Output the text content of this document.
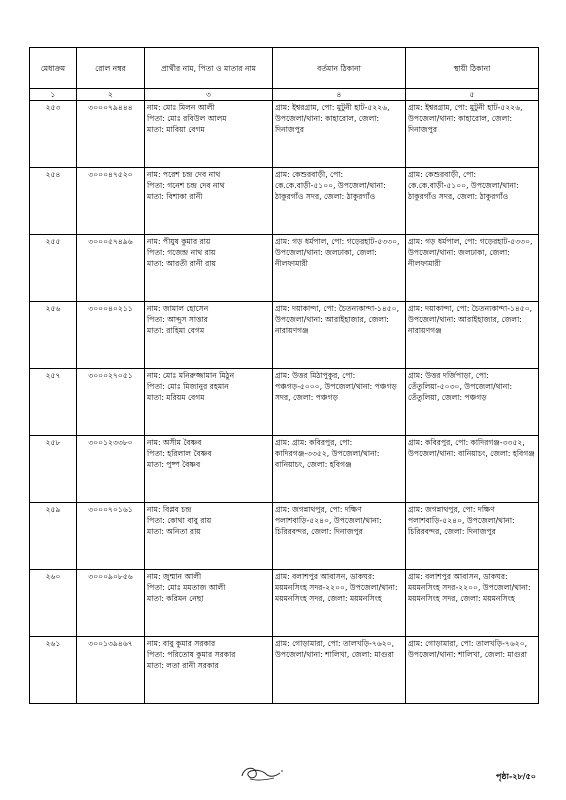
মেধাক্রম	রোল নম্বর	প্রার্থীর নাম, পিতা ও মাতার নাম	বর্তমান ঠিকানা	স্থায়ী ঠিকানা
১	২	৩	৪	৫
২৫৩	৩০০০৭৯৪৪৪	নাম: মোঃ মিলন আলী
পিতা: মোঃ রবিউল আলম
মাতা: মাবিয়া বেগম	গ্রাম: ইশ্বরগ্রাম, পো: মুটুনী হাট-৫২২৬, উপজেলা/থানা: কাহারোল, জেলা: দিনাজপুর	গ্রাম: ইশ্বরগ্রাম, পো: মুটুনী হাট-৫২২৬, উপজেলা/থানা: কাহারোল, জেলা: দিনাজপুর
২৫৪	৩০০০৪৭৫২০	নাম: পরেশ চন্দ্র দেব নাথ
পিতা: গনেশ চন্দ্র দেব নাথ
মাতা: বিশাকা রানী	গ্রাম: কেশুরবাড়ী, পো: কে.কে.বাড়ী-৫১০০, উপজেলা/থানা: ঠাকুরগাঁও সদর, জেলা: ঠাকুরগাঁও	গ্রাম: কেশুরবাড়ী, পো: কে.কে.বাড়ী-৫১০০, উপজেলা/থানা: ঠাকুরগাঁও সদর, জেলা: ঠাকুরগাঁও
২৫৫	৩০০০৫৭৪৯৬	নাম: পীযুষ কুমার রায়
পিতা: গজেন্দ্র নাথ রায়
মাতা: আরতী রানী রায়	গ্রাম: গড় ধর্মপাল, পো: গড়েরহাট-৫৩৩০, উপজেলা/থানা: জলঢাকা, জেলা: নীলফামারী	গ্রাম: গড় ধর্মপাল, পো: গড়েরহাট-৫৩৩০, উপজেলা/থানা: জলঢাকা, জেলা: নীলফামারী
২৫৬	৩০০০৪০২১১	নাম: জামাল হোসেন
পিতা: আব্দুস সাত্তার
মাতা: রাহিমা বেগম	গ্রাম: দয়াকান্দা, পো: চৈতন্যকান্দা-১৪৫০, উপজেলা/থানা: আরাইহাজার, জেলা: নারায়ণগঞ্জ	গ্রাম: দয়াকান্দা, পো: চৈতন্যকান্দা-১৪৫০, উপজেলা/থানা: আরাইহাজার, জেলা: নারায়ণগঞ্জ
২৫৭	৩০০০২৭০৫১	নাম: মোঃ মনিরুজ্জামান মিঠুন
পিতা: মোঃ মিজানুর রহমান
মাতা: মরিয়ম বেগম	গ্রাম: উত্তর মিঠাপুকুর, পো: পঞ্চগড়-৫০০০, উপজেলা/থানা: পঞ্চগড় সদর, জেলা: পঞ্চগড়	গ্রাম: উত্তর দর্জিপাড়া, পো: তেঁতুলিয়া-৫০৩০, উপজেলা/থানা: তেঁতুলিয়া, জেলা: পঞ্চগড়
২৫৮	৩০০১২৩৩৮০	নাম: অসীম বৈষ্ণব
পিতা: হরিলাল বৈষ্ণব
মাতা: পুষ্প বৈষ্ণব	গ্রাম: গ্রাম: কবিরপুর, পো: কাদিরগঞ্জ-৩৩৫২, উপজেলা/থানা: বানিয়াচং, জেলা: হবিগঞ্জ	গ্রাম: কবিরপুর, পো: কাদিরগঞ্জ-৩৩৫২, উপজেলা/থানা: বানিয়াচং, জেলা: হবিগঞ্জ
২৫৯	৩০০০৭০১৬১	নাম: বিপ্লব চন্দ্র
পিতা: কোথা বাবু রায়
মাতা: অনিতা রায়	গ্রাম: জগন্নাথপুর, পো: দক্ষিণ পলাশবাড়ি-৫২৪০, উপজেলা/থানা: চিরিরবন্দর, জেলা: দিনাজপুর	গ্রাম: জগন্নাথপুর, পো: দক্ষিণ পলাশবাড়ি-৫২৪০, উপজেলা/থানা: চিরিরবন্দর, জেলা: দিনাজপুর
২৬০	৩০০০৯০৮৫৬	নাম: জুম্মান আলী
পিতা: মোঃ মমতাজ আলী
মাতা: করিমন নেছা	গ্রাম: বলাশপুর আবাসন, ডাকঘর: ময়মনসিংহ সদর-২২০০, উপজেলা/থানা: ময়মনসিংহ সদর, জেলা: ময়মনসিংহ	গ্রাম: বলাশপুর আবাসন, ডাকঘর: ময়মনসিংহ সদর-২২০০, উপজেলা/থানা: ময়মনসিংহ সদর, জেলা: ময়মনসিংহ
২৬১	৩০০১৩৯৪৬৭	নাম: বাবু কুমার সরকার
পিতা: পরিতোষ কুমার সরকার
মাতা: লতা রানী সরকার	গ্রাম: গোড়ামারা, পো: তালখড়ি-৭৬২০, উপজেলা/থানা: শালিখা, জেলা: মাগুরা	গ্রাম: গোড়ামারা, পো: তালখড়ি-৭৬২০, উপজেলা/থানা: শালিখা, জেলা: মাগুরা
পৃষ্ঠা-২৮/৫০
